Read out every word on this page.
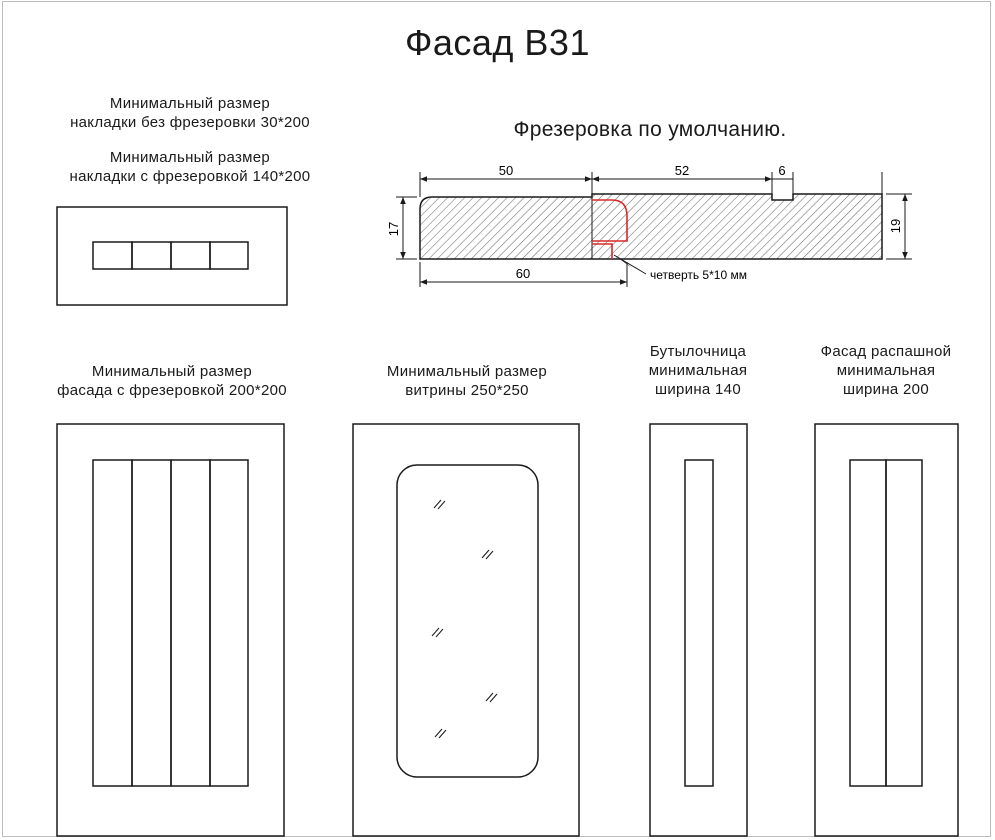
Фасад В31
Минимальный размер
накладки без фрезеровки 30*200
Минимальный размер
накладки с фрезеровкой 140*200
Фрезеровка по умолчанию.
Минимальный размер
фасада с фрезеровкой 200*200
Минимальный размер
витрины 250*250
Бутылочница
минимальная
ширина 140
Фасад распашной
минимальная
ширина 200
50	52	6
60
17	19
четверть 5*10 мм
